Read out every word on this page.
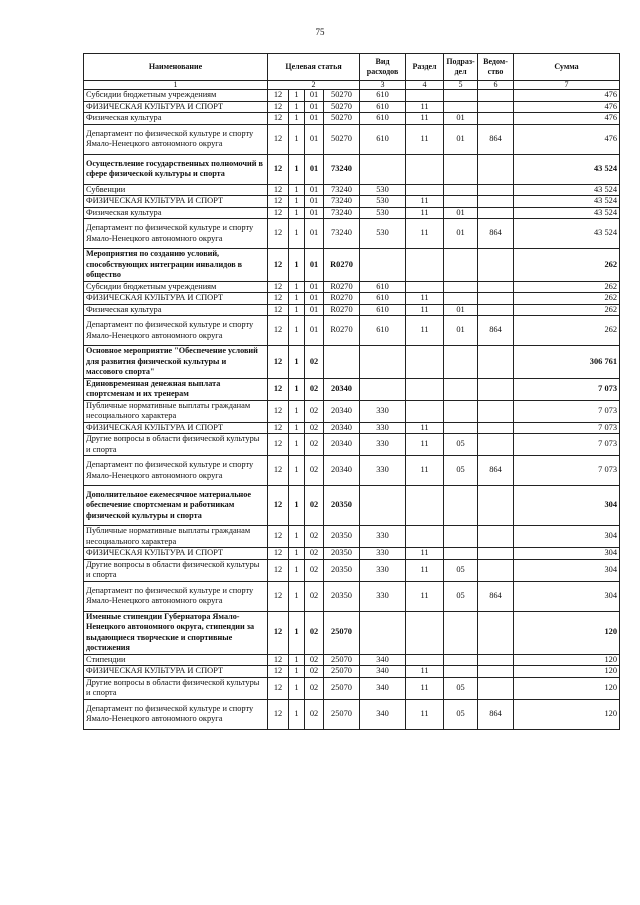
75
Наименование	Целевая статья				Вид расходов	Раздел	Подраз-дел	Ведом-ство	Сумма
1	2				3	4	5	6	7
Субсидии бюджетным учреждениям	12	1	01	50270	610				476
ФИЗИЧЕСКАЯ КУЛЬТУРА И СПОРТ	12	1	01	50270	610	11			476
Физическая культура	12	1	01	50270	610	11	01		476
Департамент по физической культуре и спорту Ямало-Ненецкого автономного округа	12	1	01	50270	610	11	01	864	476
Осуществление государственных полномочий в сфере физической культуры и спорта	12	1	01	73240					43 524
Субвенции	12	1	01	73240	530				43 524
ФИЗИЧЕСКАЯ КУЛЬТУРА И СПОРТ	12	1	01	73240	530	11			43 524
Физическая культура	12	1	01	73240	530	11	01		43 524
Департамент по физической культуре и спорту Ямало-Ненецкого автономного округа	12	1	01	73240	530	11	01	864	43 524
Мероприятия по созданию условий, способствующих интеграции инвалидов в общество	12	1	01	R0270					262
Субсидии бюджетным учреждениям	12	1	01	R0270	610				262
ФИЗИЧЕСКАЯ КУЛЬТУРА И СПОРТ	12	1	01	R0270	610	11			262
Физическая культура	12	1	01	R0270	610	11	01		262
Департамент по физической культуре и спорту Ямало-Ненецкого автономного округа	12	1	01	R0270	610	11	01	864	262
Основное мероприятие "Обеспечение условий для развития физической культуры и массового спорта"	12	1	02						306 761
Единовременная денежная выплата спортсменам и их тренерам	12	1	02	20340					7 073
Публичные нормативные выплаты гражданам несоциального характера	12	1	02	20340	330				7 073
ФИЗИЧЕСКАЯ КУЛЬТУРА И СПОРТ	12	1	02	20340	330	11			7 073
Другие вопросы в области физической культуры и спорта	12	1	02	20340	330	11	05		7 073
Департамент по физической культуре и спорту Ямало-Ненецкого автономного округа	12	1	02	20340	330	11	05	864	7 073
Дополнительное ежемесячное материальное обеспечение спортсменам и работникам физической культуры и спорта	12	1	02	20350					304
Публичные нормативные выплаты гражданам несоциального характера	12	1	02	20350	330				304
ФИЗИЧЕСКАЯ КУЛЬТУРА И СПОРТ	12	1	02	20350	330	11			304
Другие вопросы в области физической культуры и спорта	12	1	02	20350	330	11	05		304
Департамент по физической культуре и спорту Ямало-Ненецкого автономного округа	12	1	02	20350	330	11	05	864	304
Именные стипендии Губернатора Ямало-Ненецкого автономного округа, стипендии за выдающиеся творческие и спортивные достижения	12	1	02	25070					120
Стипендии	12	1	02	25070	340				120
ФИЗИЧЕСКАЯ КУЛЬТУРА И СПОРТ	12	1	02	25070	340	11			120
Другие вопросы в области физической культуры и спорта	12	1	02	25070	340	11	05		120
Департамент по физической культуре и спорту Ямало-Ненецкого автономного округа	12	1	02	25070	340	11	05	864	120
